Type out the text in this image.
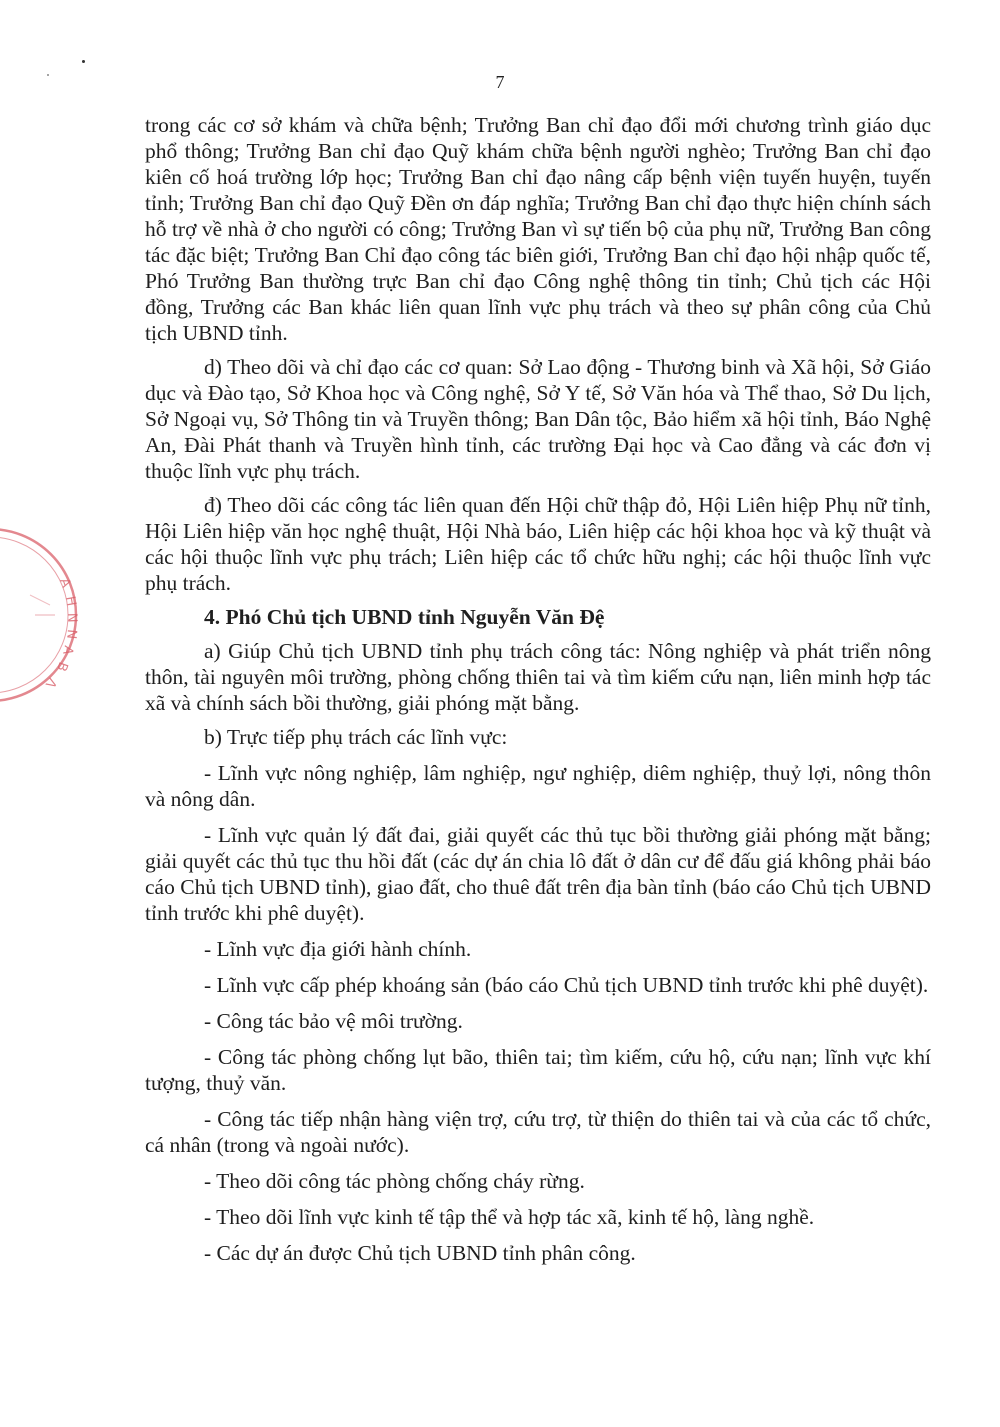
7
A
H
N
N
A
B
Λ

trong các cơ sở khám và chữa bệnh; Trưởng Ban chỉ đạo đổi mới chương trình giáo dục phổ thông; Trưởng Ban chỉ đạo Quỹ khám chữa bệnh người nghèo; Trưởng Ban chỉ đạo kiên cố hoá trường lớp học; Trưởng Ban chỉ đạo nâng cấp bệnh viện tuyến huyện, tuyến tỉnh; Trưởng Ban chỉ đạo Quỹ Đền ơn đáp nghĩa; Trưởng Ban chỉ đạo thực hiện chính sách hỗ trợ về nhà ở cho người có công; Trưởng Ban vì sự tiến bộ của phụ nữ, Trưởng Ban công tác đặc biệt; Trưởng Ban Chỉ đạo công tác biên giới, Trưởng Ban chỉ đạo hội nhập quốc tế, Phó Trưởng Ban thường trực Ban chỉ đạo Công nghệ thông tin tỉnh; Chủ tịch các Hội đồng, Trưởng các Ban khác liên quan lĩnh vực phụ trách và theo sự phân công của Chủ tịch UBND tỉnh.

d) Theo dõi và chỉ đạo các cơ quan: Sở Lao động - Thương binh và Xã hội, Sở Giáo dục và Đào tạo, Sở Khoa học và Công nghệ, Sở Y tế, Sở Văn hóa và Thể thao, Sở Du lịch, Sở Ngoại vụ, Sở Thông tin và Truyền thông; Ban Dân tộc, Bảo hiểm xã hội tỉnh, Báo Nghệ An, Đài Phát thanh và Truyền hình tỉnh, các trường Đại học và Cao đẳng và các đơn vị thuộc lĩnh vực phụ trách.

đ) Theo dõi các công tác liên quan đến Hội chữ thập đỏ, Hội Liên hiệp Phụ nữ tỉnh, Hội Liên hiệp văn học nghệ thuật, Hội Nhà báo, Liên hiệp các hội khoa học và kỹ thuật và các hội thuộc lĩnh vực phụ trách; Liên hiệp các tổ chức hữu nghị; các hội thuộc lĩnh vực phụ trách.

4. Phó Chủ tịch UBND tỉnh Nguyễn Văn Đệ

a) Giúp Chủ tịch UBND tỉnh phụ trách công tác: Nông nghiệp và phát triển nông thôn, tài nguyên môi trường, phòng chống thiên tai và tìm kiếm cứu nạn, liên minh hợp tác xã và chính sách bồi thường, giải phóng mặt bằng.

b) Trực tiếp phụ trách các lĩnh vực:

- Lĩnh vực nông nghiệp, lâm nghiệp, ngư nghiệp, diêm nghiệp, thuỷ lợi, nông thôn và nông dân.

- Lĩnh vực quản lý đất đai, giải quyết các thủ tục bồi thường giải phóng mặt bằng; giải quyết các thủ tục thu hồi đất (các dự án chia lô đất ở dân cư để đấu giá không phải báo cáo Chủ tịch UBND tỉnh), giao đất, cho thuê đất trên địa bàn tỉnh (báo cáo Chủ tịch UBND tỉnh trước khi phê duyệt).

- Lĩnh vực địa giới hành chính.

- Lĩnh vực cấp phép khoáng sản (báo cáo Chủ tịch UBND tỉnh trước khi phê duyệt).

- Công tác bảo vệ môi trường.

- Công tác phòng chống lụt bão, thiên tai; tìm kiếm, cứu hộ, cứu nạn; lĩnh vực khí tượng, thuỷ văn.

- Công tác tiếp nhận hàng viện trợ, cứu trợ, từ thiện do thiên tai và của các tổ chức, cá nhân (trong và ngoài nước).

- Theo dõi công tác phòng chống cháy rừng.

- Theo dõi lĩnh vực kinh tế tập thể và hợp tác xã, kinh tế hộ, làng nghề.

- Các dự án được Chủ tịch UBND tỉnh phân công.
